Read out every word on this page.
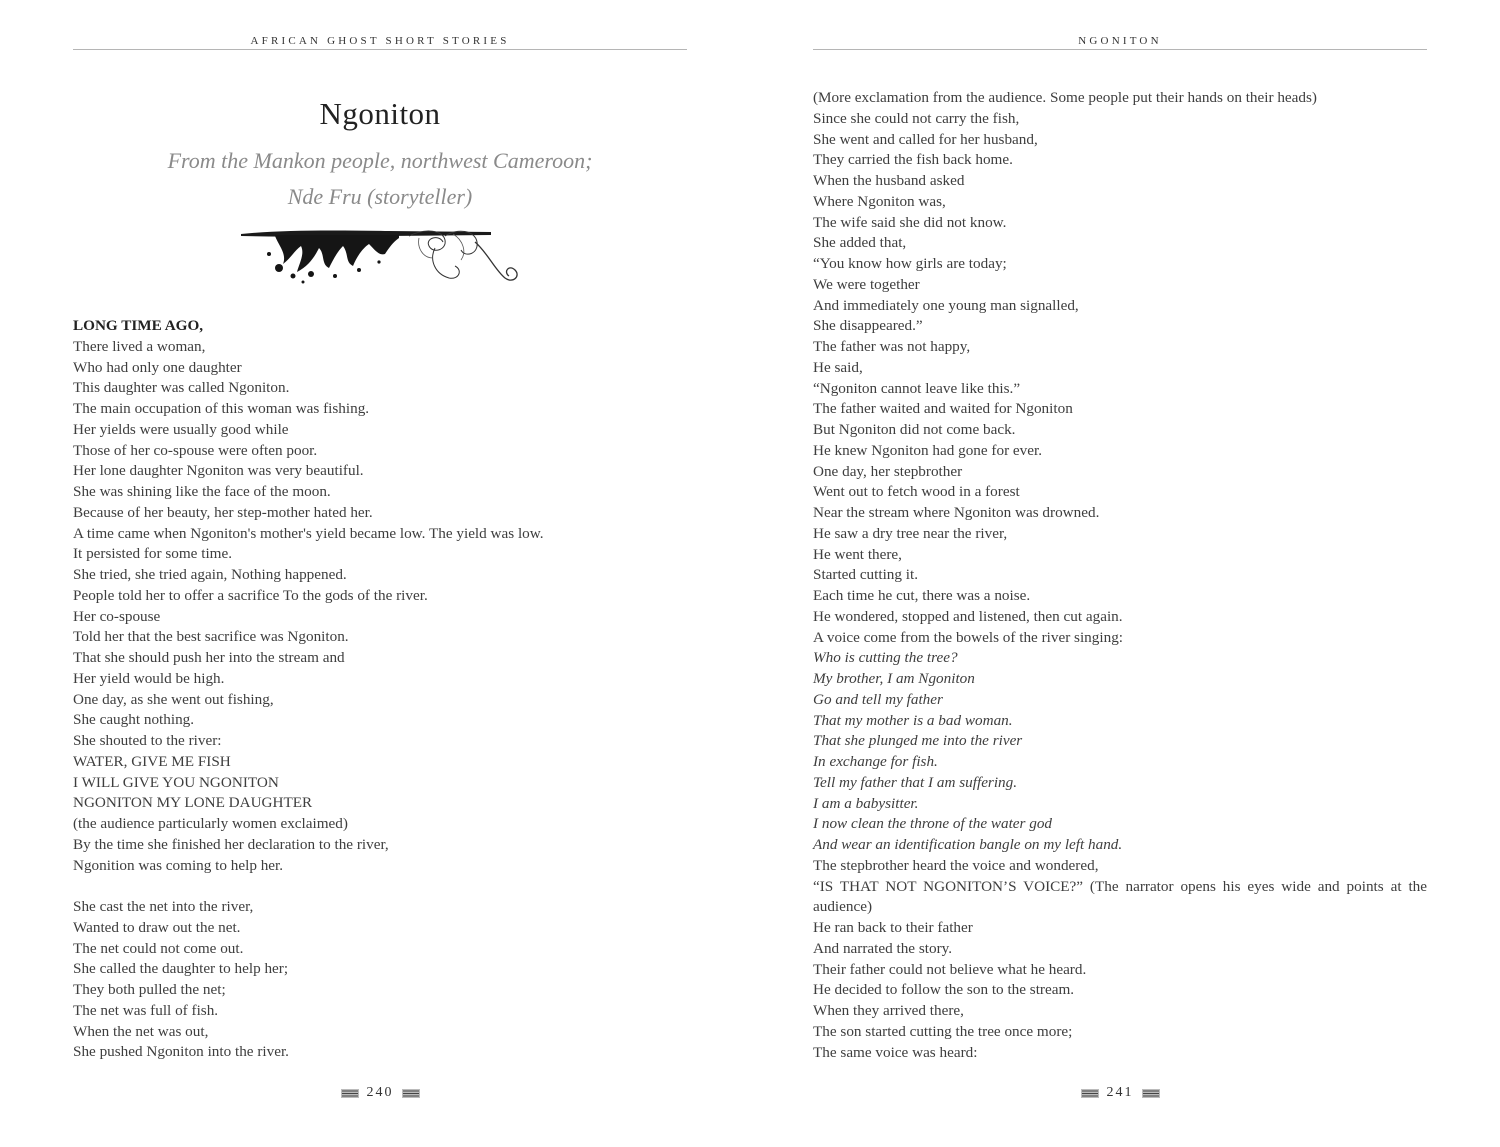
AFRICAN GHOST SHORT STORIES
Ngoniton
From the Mankon people, northwest Cameroon;
Nde Fru (storyteller)
LONG TIME AGO,
There lived a woman,
Who had only one daughter
This daughter was called Ngoniton.
The main occupation of this woman was fishing.
Her yields were usually good while
Those of her co-spouse were often poor.
Her lone daughter Ngoniton was very beautiful.
She was shining like the face of the moon.
Because of her beauty, her step-mother hated her.
A time came when Ngoniton's mother's yield became low. The yield was low.
It persisted for some time.
She tried, she tried again, Nothing happened.
People told her to offer a sacrifice To the gods of the river.
Her co-spouse
Told her that the best sacrifice was Ngoniton.
That she should push her into the stream and
Her yield would be high.
One day, as she went out fishing,
She caught nothing.
She shouted to the river:
WATER, GIVE ME FISH
I WILL GIVE YOU NGONITON
NGONITON MY LONE DAUGHTER
(the audience particularly women exclaimed)
By the time she finished her declaration to the river,
Ngonition was coming to help her.
She cast the net into the river,
Wanted to draw out the net.
The net could not come out.
She called the daughter to help her;
They both pulled the net;
The net was full of fish.
When the net was out,
She pushed Ngoniton into the river.
240
NGONITON
(More exclamation from the audience. Some people put their hands on their heads)
Since she could not carry the fish,
She went and called for her husband,
They carried the fish back home.
When the husband asked
Where Ngoniton was,
The wife said she did not know.
She added that,
“You know how girls are today;
We were together
And immediately one young man signalled,
She disappeared.”
The father was not happy,
He said,
“Ngoniton cannot leave like this.”
The father waited and waited for Ngoniton
But Ngoniton did not come back.
He knew Ngoniton had gone for ever.
One day, her stepbrother
Went out to fetch wood in a forest
Near the stream where Ngoniton was drowned.
He saw a dry tree near the river,
He went there,
Started cutting it.
Each time he cut, there was a noise.
He wondered, stopped and listened, then cut again.
A voice come from the bowels of the river singing:
Who is cutting the tree?
My brother, I am Ngoniton
Go and tell my father
That my mother is a bad woman.
That she plunged me into the river
In exchange for fish.
Tell my father that I am suffering.
I am a babysitter.
I now clean the throne of the water god
And wear an identification bangle on my left hand.
The stepbrother heard the voice and wondered,
“IS THAT NOT NGONITON’S VOICE?” (The narrator opens his eyes wide and points at the audience)
He ran back to their father
And narrated the story.
Their father could not believe what he heard.
He decided to follow the son to the stream.
When they arrived there,
The son started cutting the tree once more;
The same voice was heard:
241
